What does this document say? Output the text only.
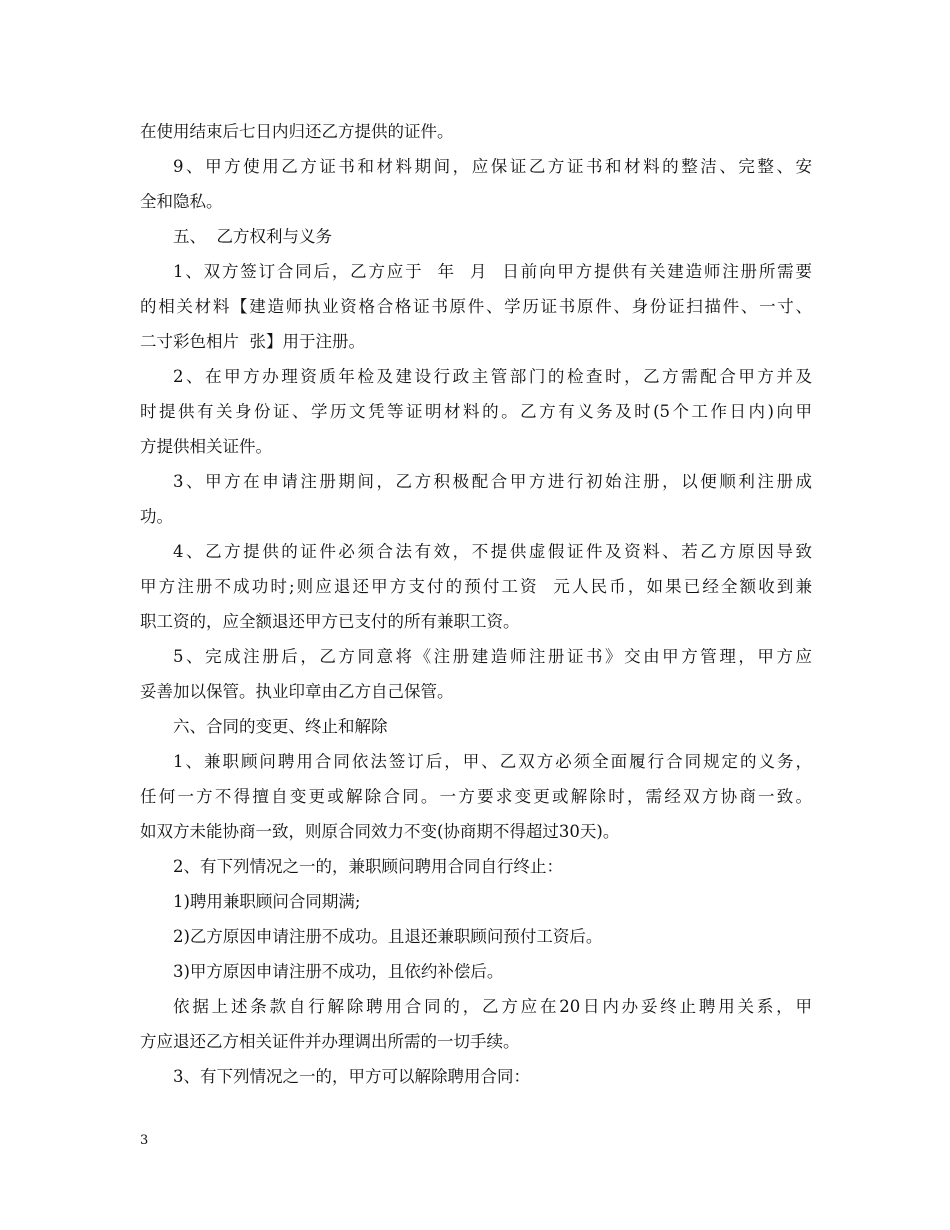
在使用结束后七日内归还乙方提供的证件。
9、甲方使用乙方证书和材料期间，应保证乙方证书和材料的整洁、完整、安
全和隐私。
五、  乙方权利与义务
1、双方签订合同后，乙方应于  年  月  日前向甲方提供有关建造师注册所需要
的相关材料【建造师执业资格合格证书原件、学历证书原件、身份证扫描件、一寸、
二寸彩色相片  张】用于注册。
2、在甲方办理资质年检及建设行政主管部门的检查时，乙方需配合甲方并及
时提供有关身份证、学历文凭等证明材料的。乙方有义务及时(5个工作日内)向甲
方提供相关证件。
3、甲方在申请注册期间，乙方积极配合甲方进行初始注册，以便顺利注册成
功。
4、乙方提供的证件必须合法有效，不提供虚假证件及资料、若乙方原因导致
甲方注册不成功时;则应退还甲方支付的预付工资  元人民币，如果已经全额收到兼
职工资的，应全额退还甲方已支付的所有兼职工资。
5、完成注册后，乙方同意将《注册建造师注册证书》交由甲方管理，甲方应
妥善加以保管。执业印章由乙方自己保管。
六、合同的变更、终止和解除
1、兼职顾问聘用合同依法签订后，甲、乙双方必须全面履行合同规定的义务，
任何一方不得擅自变更或解除合同。一方要求变更或解除时，需经双方协商一致。
如双方未能协商一致，则原合同效力不变(协商期不得超过30天)。
2、有下列情况之一的，兼职顾问聘用合同自行终止：
1)聘用兼职顾问合同期满;
2)乙方原因申请注册不成功。且退还兼职顾问预付工资后。
3)甲方原因申请注册不成功，且依约补偿后。
依据上述条款自行解除聘用合同的，乙方应在20日内办妥终止聘用关系，甲
方应退还乙方相关证件并办理调出所需的一切手续。
3、有下列情况之一的，甲方可以解除聘用合同：
3
